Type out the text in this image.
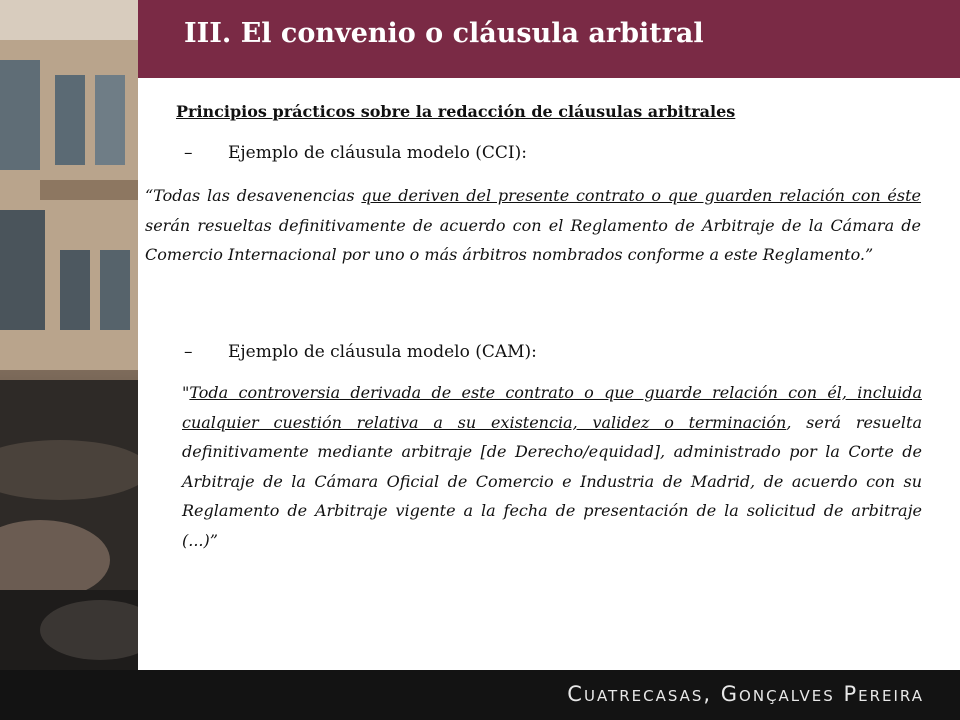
III. El convenio o cláusula arbitral
Principios prácticos sobre la redacción de cláusulas arbitrales
– Ejemplo de cláusula modelo (CCI):
“Todas las desavenencias que deriven del presente contrato o que guarden relación con éste serán resueltas definitivamente de acuerdo con el Reglamento de Arbitraje de la Cámara de Comercio Internacional por uno o más árbitros nombrados conforme a este Reglamento.”
– Ejemplo de cláusula modelo (CAM):
"Toda controversia derivada de este contrato o que guarde relación con él, incluida cualquier cuestión relativa a su existencia, validez o terminación, será resuelta definitivamente mediante arbitraje [de Derecho/equidad], administrado por la Corte de Arbitraje de la Cámara Oficial de Comercio e Industria de Madrid, de acuerdo con su Reglamento de Arbitraje vigente a la fecha de presentación de la solicitud de arbitraje (...)”
Cuatrecasas, Gonçalves Pereira
